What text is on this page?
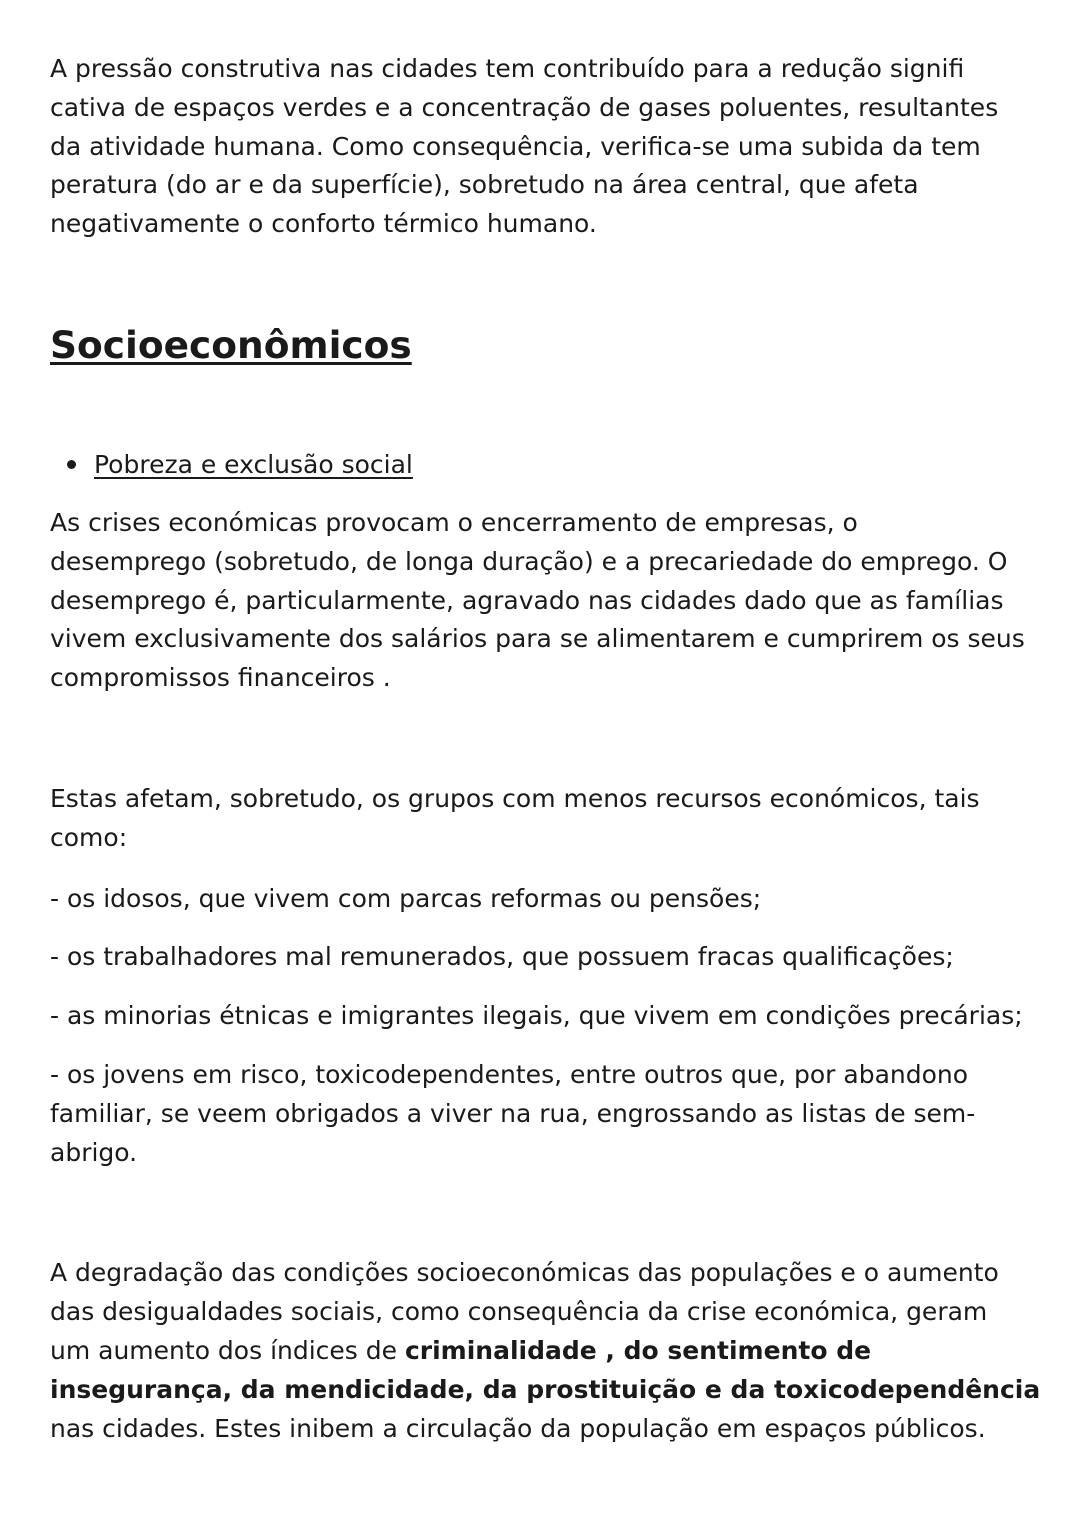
A pressão construtiva nas cidades tem contribuído para a redução signifi
cativa de espaços verdes e a concentração de gases poluentes, resultantes
da atividade humana. Como consequência, verifica-se uma subida da tem
peratura (do ar e da superfície), sobretudo na área central, que afeta
negativamente o conforto térmico humano.

Socioeconômicos
Pobreza e exclusão social

As crises económicas provocam o encerramento de empresas, o
desemprego (sobretudo, de longa duração) e a precariedade do emprego. O
desemprego é, particularmente, agravado nas cidades dado que as famílias
vivem exclusivamente dos salários para se alimentarem e cumprirem os seus
compromissos financeiros .

Estas afetam, sobretudo, os grupos com menos recursos económicos, tais
como:

- os idosos, que vivem com parcas reformas ou pensões;

- os trabalhadores mal remunerados, que possuem fracas qualificações;

- as minorias étnicas e imigrantes ilegais, que vivem em condições precárias;

- os jovens em risco, toxicodependentes, entre outros que, por abandono
familiar, se veem obrigados a viver na rua, engrossando as listas de sem-
abrigo.

A degradação das condições socioeconómicas das populações e o aumento
das desigualdades sociais, como consequência da crise económica, geram
um aumento dos índices de criminalidade , do sentimento de
insegurança, da mendicidade, da prostituição e da toxicodependência
nas cidades. Estes inibem a circulação da população em espaços públicos.
